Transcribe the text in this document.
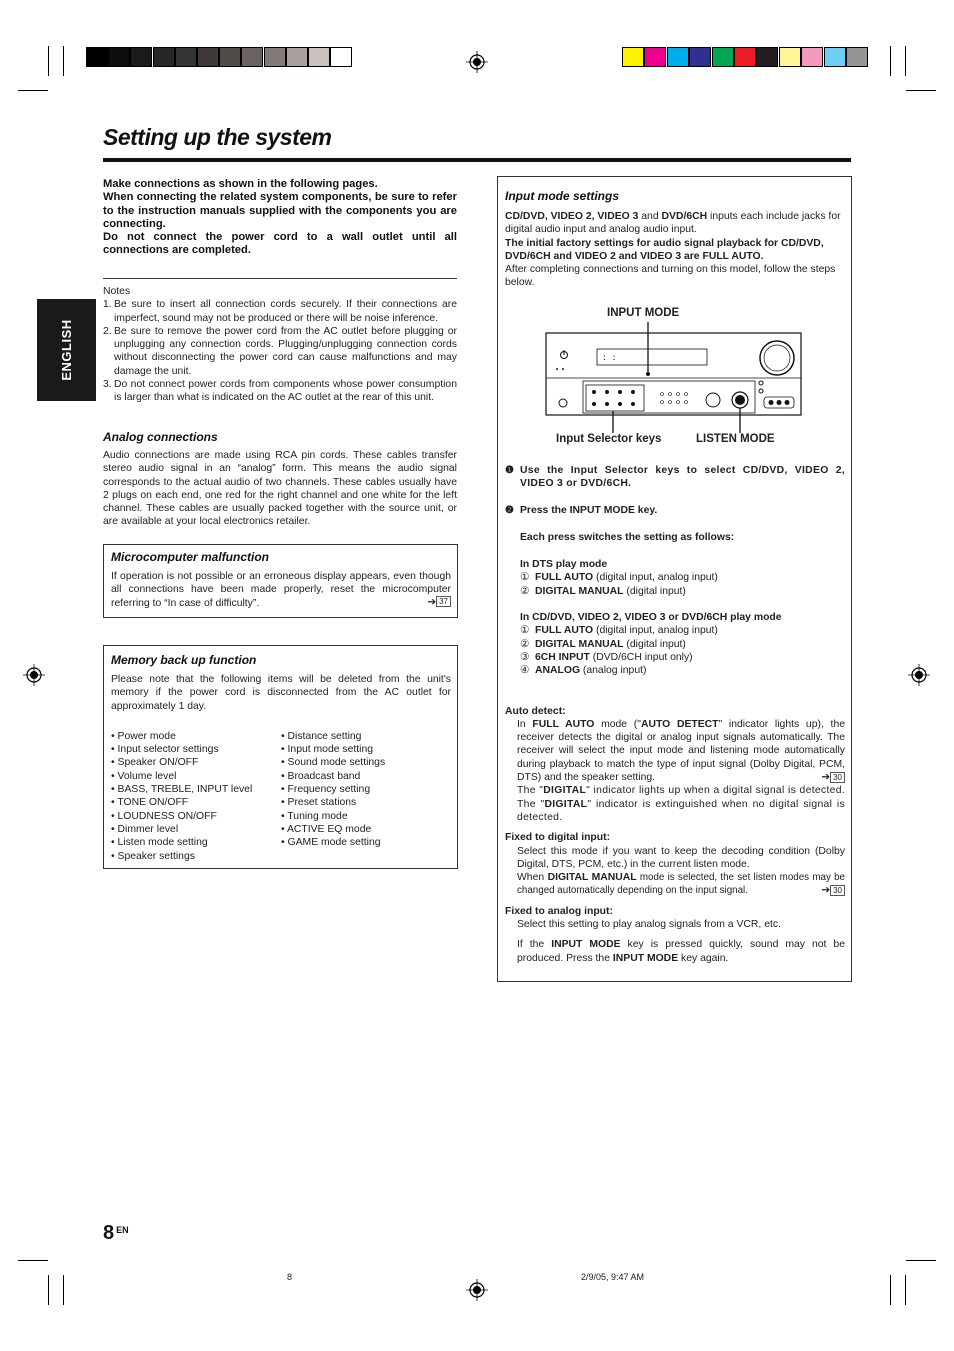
Setting up the system
ENGLISH

Make connections as shown in the following pages.

When connecting the related system components, be sure to refer to the instruction manuals supplied with the components you are connecting.

Do not connect the power cord to a wall outlet until all connections are completed.

Notes
1. Be sure to insert all connection cords securely. If their connections are imperfect, sound may not be produced or there will be noise inference.
2. Be sure to remove the power cord from the AC outlet before plugging or unplugging any connection cords. Plugging/unplugging connection cords without disconnecting the power cord can cause malfunctions and may damage the unit.
3. Do not connect power cords from components whose power consumption is larger than what is indicated on the AC outlet at the rear of this unit.
Analog connections
Audio connections are made using RCA pin cords. These cables transfer stereo audio signal in an “analog” form. This means the audio signal corresponds to the actual audio of two channels. These cables usually have 2 plugs on each end, one red for the right channel and one white for the left channel. These cables are usually packed together with the source unit, or are available at your local electronics retailer.
Microcomputer malfunction
If operation is not possible or an erroneous display appears, even though all connections have been made properly, reset the microcomputer referring to “In case of difficulty”.	➔ 37
Memory back up function
Please note that the following items will be deleted from the unit's memory if the power cord is disconnected from the AC outlet for approximately 1 day.
• Power mode
• Input selector settings
• Speaker ON/OFF
• Volume level
• BASS, TREBLE, INPUT level
• TONE ON/OFF
• LOUDNESS ON/OFF
• Dimmer level
• Listen mode setting
• Speaker settings
• Distance setting
• Input mode setting
• Sound mode settings
• Broadcast band
• Frequency setting
• Preset stations
• Tuning mode
• ACTIVE EQ mode
• GAME mode setting
Input mode settings
CD/DVD, VIDEO 2, VIDEO 3 and DVD/6CH inputs each include jacks for digital audio input and analog audio input.
The initial factory settings for audio signal playback for CD/DVD, DVD/6CH and VIDEO 2 and VIDEO 3 are FULL AUTO.
After completing connections and turning on this model, follow the steps below.
INPUT MODE
: :
Input Selector keys	LISTEN MODE
❶ Use the Input Selector keys to select CD/DVD, VIDEO 2, VIDEO 3 or DVD/6CH.
❷ Press the INPUT MODE key.
Each press switches the setting as follows:
In DTS play mode
① FULL AUTO (digital input, analog input)
② DIGITAL MANUAL (digital input)
In CD/DVD, VIDEO 2, VIDEO 3 or DVD/6CH play mode
① FULL AUTO (digital input, analog input)
② DIGITAL MANUAL (digital input)
③ 6CH INPUT (DVD/6CH input only)
④ ANALOG (analog input)
Auto detect:
In FULL AUTO mode ("AUTO DETECT" indicator lights up), the receiver detects the digital or analog input signals automatically. The receiver will select the input mode and listening mode automatically during playback to match the type of input signal (Dolby Digital, PCM, DTS) and the speaker setting.	➔ 30
The "DIGITAL" indicator lights up when a digital signal is detected. The "DIGITAL" indicator is extinguished when no digital signal is detected.
Fixed to digital input:
Select this mode if you want to keep the decoding condition (Dolby Digital, DTS, PCM, etc.) in the current listen mode.
When DIGITAL MANUAL mode is selected, the set listen modes may be changed automatically depending on the input signal.	➔ 30
Fixed to analog input:
Select this setting to play analog signals from a VCR, etc.
If the INPUT MODE key is pressed quickly, sound may not be produced. Press the INPUT MODE key again.
8 $^{EN}$
8	2/9/05, 9:47 AM
